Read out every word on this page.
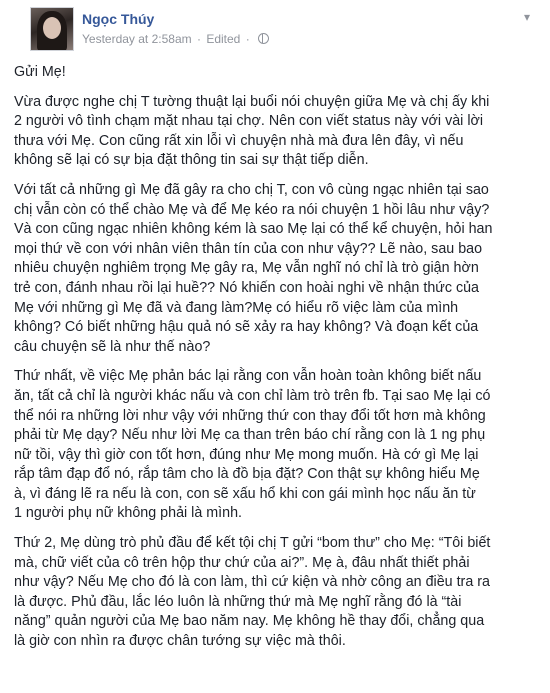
Ngọc Thúy
Yesterday at 2:58am · Edited ·
▾

Gửi Mẹ!

Vừa được nghe chị T tường thuật lại buổi nói chuyện giữa Mẹ và chị ấy khi
2 người vô tình chạm mặt nhau tại chợ. Nên con viết status này với vài lời
thưa với Mẹ. Con cũng rất xin lỗi vì chuyện nhà mà đưa lên đây, vì nếu
không sẽ lại có sự bịa đặt thông tin sai sự thật tiếp diễn.

Với tất cả những gì Mẹ đã gây ra cho chị T, con vô cùng ngạc nhiên tại sao
chị vẫn còn có thể chào Mẹ và để Mẹ kéo ra nói chuyện 1 hồi lâu như vậy?
Và con cũng ngạc nhiên không kém là sao Mẹ lại có thể kể chuyện, hỏi han
mọi thứ về con với nhân viên thân tín của con như vậy?? Lẽ nào, sau bao
nhiêu chuyện nghiêm trọng Mẹ gây ra, Mẹ vẫn nghĩ nó chỉ là trò giận hờn
trẻ con, đánh nhau rồi lại huề?? Nó khiến con hoài nghi về nhận thức của
Mẹ với những gì Mẹ đã và đang làm?Mẹ có hiểu rõ việc làm của mình
không? Có biết những hậu quả nó sẽ xảy ra hay không? Và đoạn kết của
câu chuyện sẽ là như thế nào?

Thứ nhất, về việc Mẹ phản bác lại rằng con vẫn hoàn toàn không biết nấu
ăn, tất cả chỉ là người khác nấu và con chỉ làm trò trên fb. Tại sao Mẹ lại có
thể nói ra những lời như vậy với những thứ con thay đổi tốt hơn mà không
phải từ Mẹ dạy? Nếu như lời Mẹ ca than trên báo chí rằng con là 1 ng phụ
nữ tồi, vậy thì giờ con tốt hơn, đúng như Mẹ mong muốn. Hà cớ gì Mẹ lại
rắp tâm đạp đổ nó, rắp tâm cho là đồ bịa đặt? Con thật sự không hiểu Mẹ
à, vì đáng lẽ ra nếu là con, con sẽ xấu hổ khi con gái mình học nấu ăn từ
1 người phụ nữ không phải là mình.

Thứ 2, Mẹ dùng trò phủ đầu để kết tội chị T gửi “bom thư” cho Mẹ: “Tôi biết
mà, chữ viết của cô trên hộp thư chứ của ai?”. Mẹ à, đâu nhất thiết phải
như vậy? Nếu Mẹ cho đó là con làm, thì cứ kiện và nhờ công an điều tra ra
là được. Phủ đầu, lắc léo luôn là những thứ mà Mẹ nghĩ rằng đó là “tài
năng” quản người của Mẹ bao năm nay. Mẹ không hề thay đổi, chẳng qua
là giờ con nhìn ra được chân tướng sự việc mà thôi.
